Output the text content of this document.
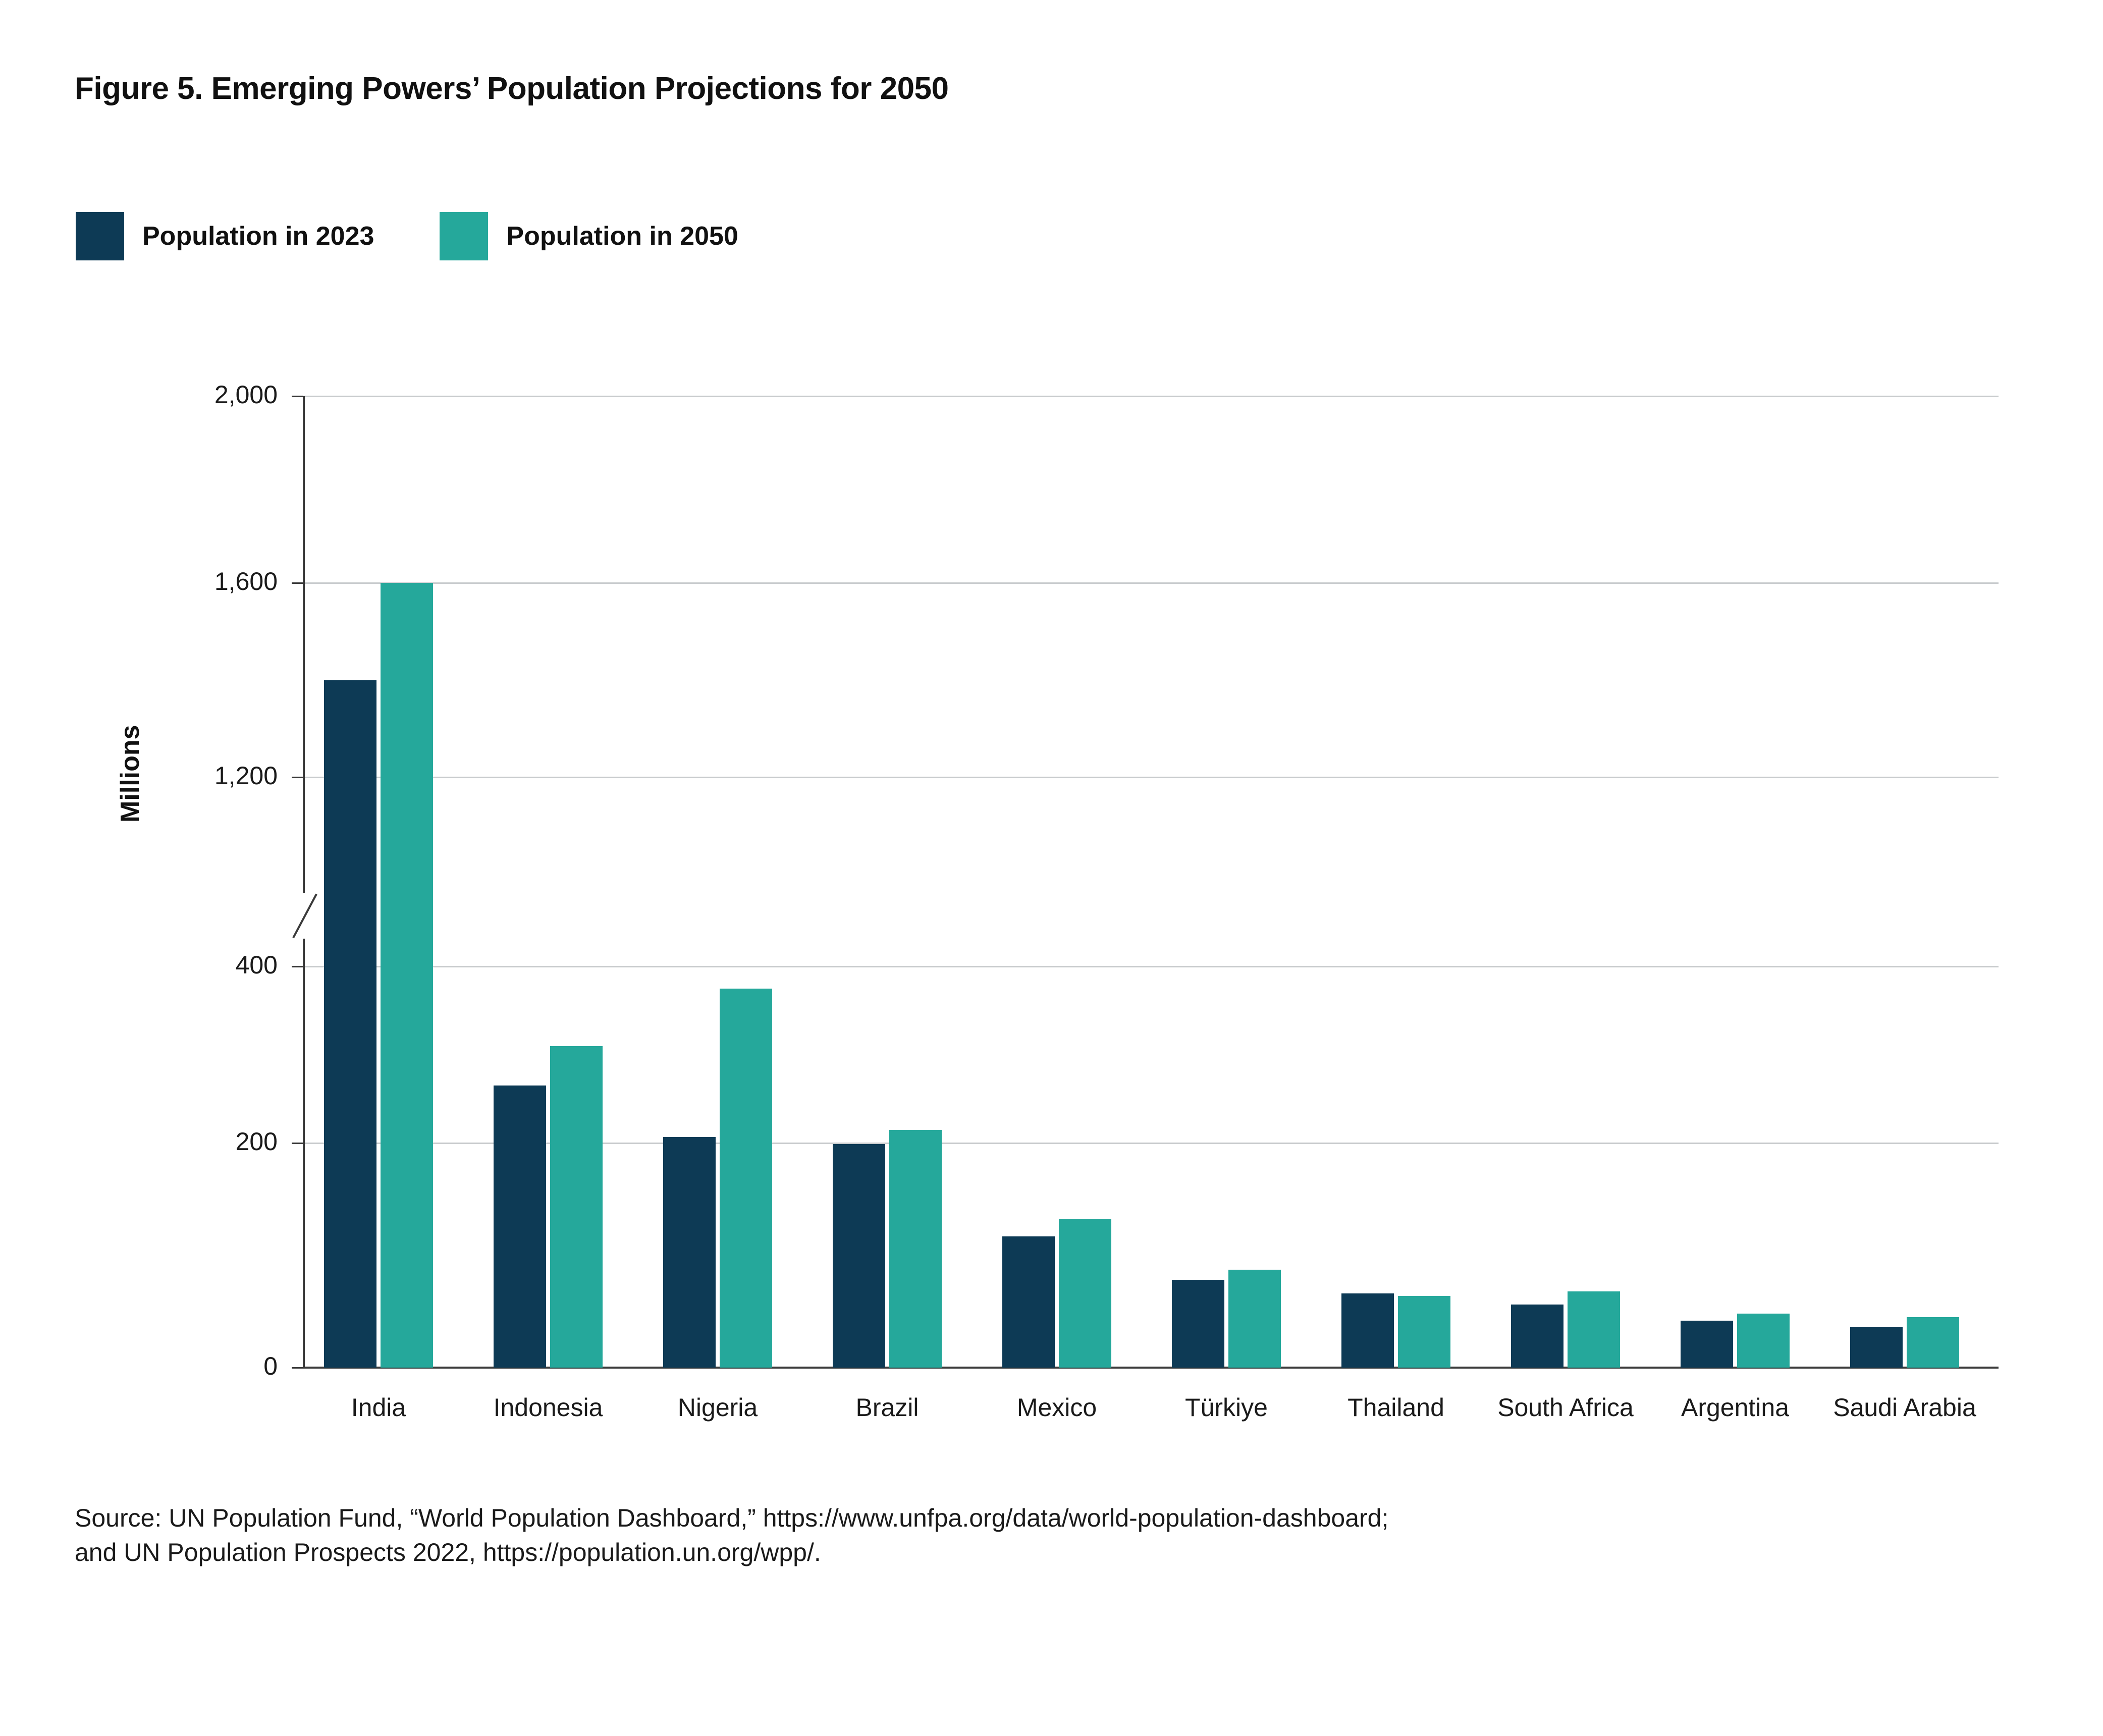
Figure 5. Emerging Powers’ Population Projections for 2050
Population in 2023	Population in 2050
0
200
400
1,200
1,600
2,000
Millions
India	Indonesia	Nigeria	Brazil	Mexico	Türkiye	Thailand	South Africa	Argentina	Saudi Arabia
Source: UN Population Fund, “World Population Dashboard,” https://www.unfpa.org/data/world-population-dashboard;
and UN Population Prospects 2022, https://population.un.org/wpp/.
